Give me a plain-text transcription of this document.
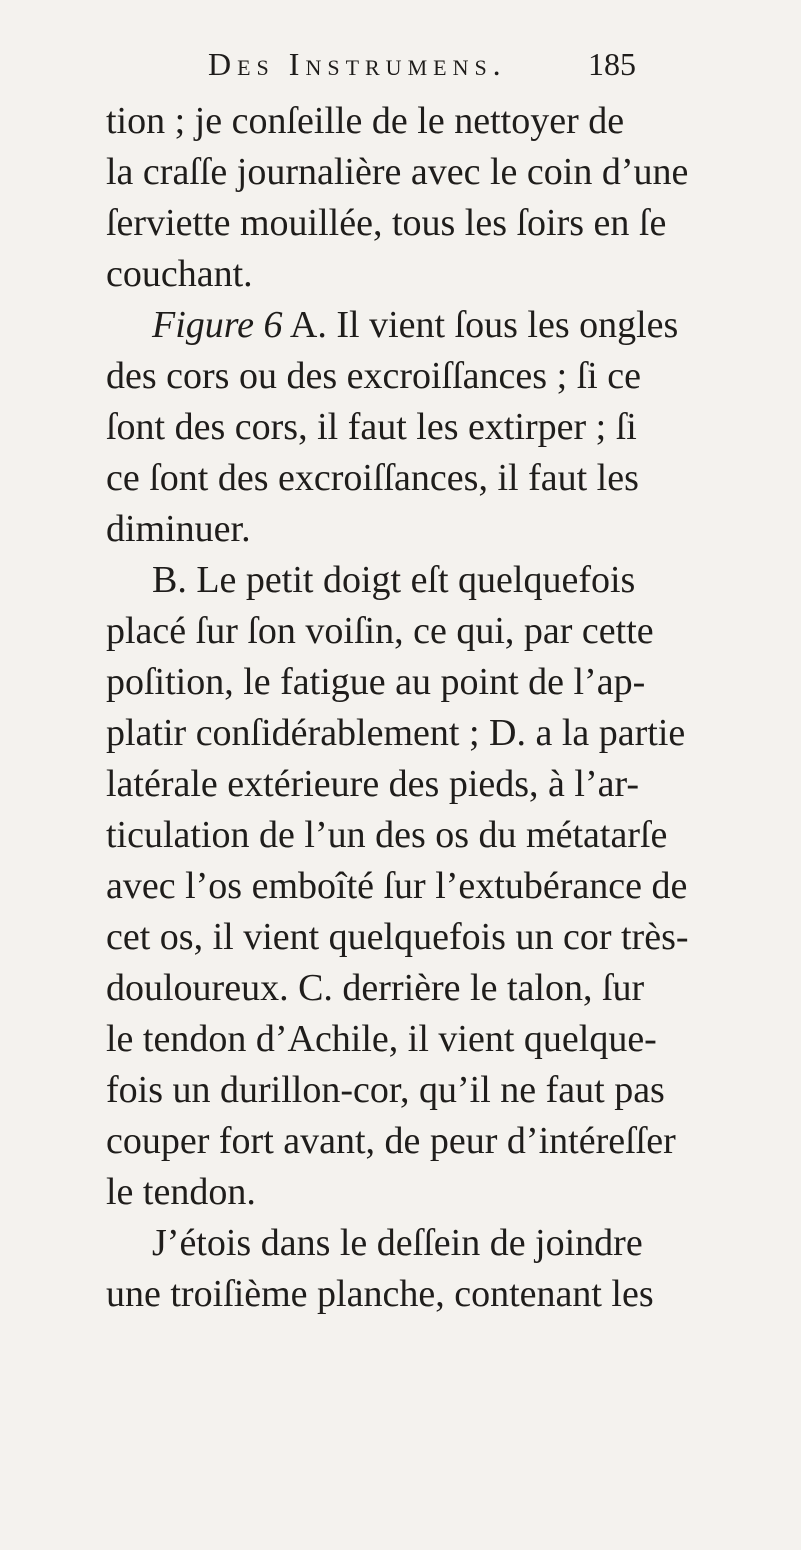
Des Instrumens.	185
tion ; je conſeille de le nettoyer de
la craſſe journalière avec le coin d’une
ſerviette mouillée, tous les ſoirs en ſe
couchant.
Figure 6 A. Il vient ſous les ongles
des cors ou des excroiſſances ; ſi ce
ſont des cors, il faut les extirper ; ſi
ce ſont des excroiſſances, il faut les
diminuer.
B. Le petit doigt eſt quelquefois
placé ſur ſon voiſin, ce qui, par cette
poſition, le fatigue au point de l’ap-
platir conſidérablement ; D. a la partie
latérale extérieure des pieds, à l’ar-
ticulation de l’un des os du métatarſe
avec l’os emboîté ſur l’extubérance de
cet os, il vient quelquefois un cor très-
douloureux. C. derrière le talon, ſur
le tendon d’Achile, il vient quelque-
fois un durillon-cor, qu’il ne faut pas
couper fort avant, de peur d’intéreſſer
le tendon.
J’étois dans le deſſein de joindre
une troiſième planche, contenant les
